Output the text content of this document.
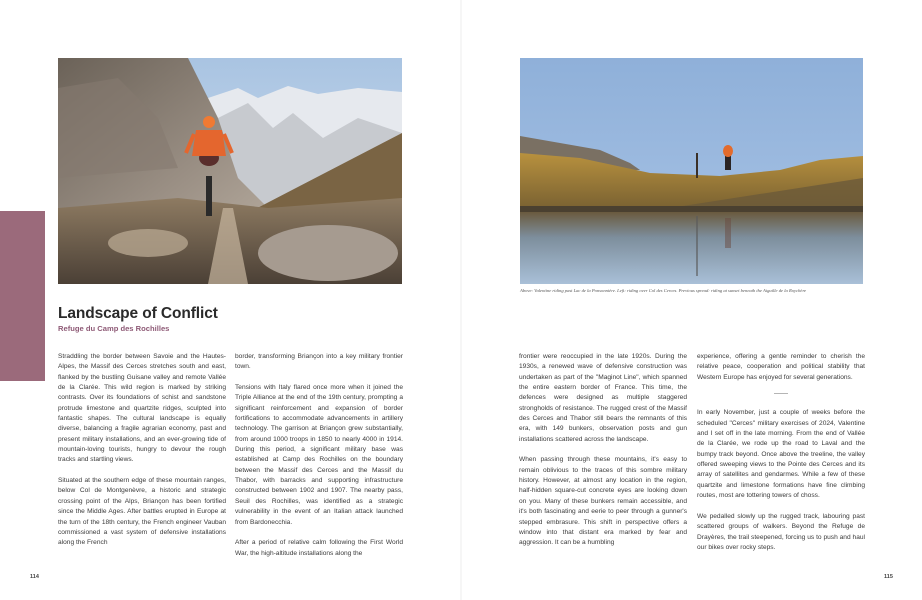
Above: Valentine riding past Lac de la Ponsonnière. Left: riding over Col des Cerces. Previous spread: riding at sunset beneath the Aiguille de la Roychère
Landscape of Conflict
Refuge du Camp des Rochilles

Straddling the border between Savoie and the Hautes-Alpes, the Massif des Cerces stretches south and east, flanked by the bustling Guisane valley and remote Vallée de la Clarée. This wild region is marked by striking contrasts. Over its foundations of schist and sandstone protrude limestone and quartzite ridges, sculpted into fantastic shapes. The cultural landscape is equally diverse, balancing a fragile agrarian economy, past and present military installations, and an ever-growing tide of mountain-loving tourists, hungry to devour the rough tracks and startling views.

Situated at the southern edge of these mountain ranges, below Col de Montgenèvre, a historic and strategic crossing point of the Alps, Briançon has been fortified since the Middle Ages. After battles erupted in Europe at the turn of the 18th century, the French engineer Vauban commissioned a vast system of defensive installations along the French

border, transforming Briançon into a key military frontier town.

Tensions with Italy flared once more when it joined the Triple Alliance at the end of the 19th century, prompting a significant reinforcement and expansion of border fortifications to accommodate advancements in artillery technology. The garrison at Briançon grew substantially, from around 1000 troops in 1850 to nearly 4000 in 1914. During this period, a significant military base was established at Camp des Rochilles on the boundary between the Massif des Cerces and the Massif du Thabor, with barracks and supporting infrastructure constructed between 1902 and 1907. The nearby pass, Seuil des Rochilles, was identified as a strategic vulnerability in the event of an Italian attack launched from Bardonecchia.

After a period of relative calm following the First World War, the high-altitude installations along the

frontier were reoccupied in the late 1920s. During the 1930s, a renewed wave of defensive construction was undertaken as part of the "Maginot Line", which spanned the entire eastern border of France. This time, the defences were designed as multiple staggered strongholds of resistance. The rugged crest of the Massif des Cerces and Thabor still bears the remnants of this era, with 149 bunkers, observation posts and gun installations scattered across the landscape.

When passing through these mountains, it's easy to remain oblivious to the traces of this sombre military history. However, at almost any location in the region, half-hidden square-cut concrete eyes are looking down on you. Many of these bunkers remain accessible, and it's both fascinating and eerie to peer through a gunner's stepped embrasure. This shift in perspective offers a window into that distant era marked by fear and aggression. It can be a humbling

experience, offering a gentle reminder to cherish the relative peace, cooperation and political stability that Western Europe has enjoyed for several generations.

In early November, just a couple of weeks before the scheduled "Cerces" military exercises of 2024, Valentine and I set off in the late morning. From the end of Vallée de la Clarée, we rode up the road to Laval and the bumpy track beyond. Once above the treeline, the valley offered sweeping views to the Pointe des Cerces and its array of satellites and gendarmes. While a few of these quartzite and limestone formations have fine climbing routes, most are tottering towers of choss.

We pedalled slowly up the rugged track, labouring past scattered groups of walkers. Beyond the Refuge de Drayères, the trail steepened, forcing us to push and haul our bikes over rocky steps.

114	115
